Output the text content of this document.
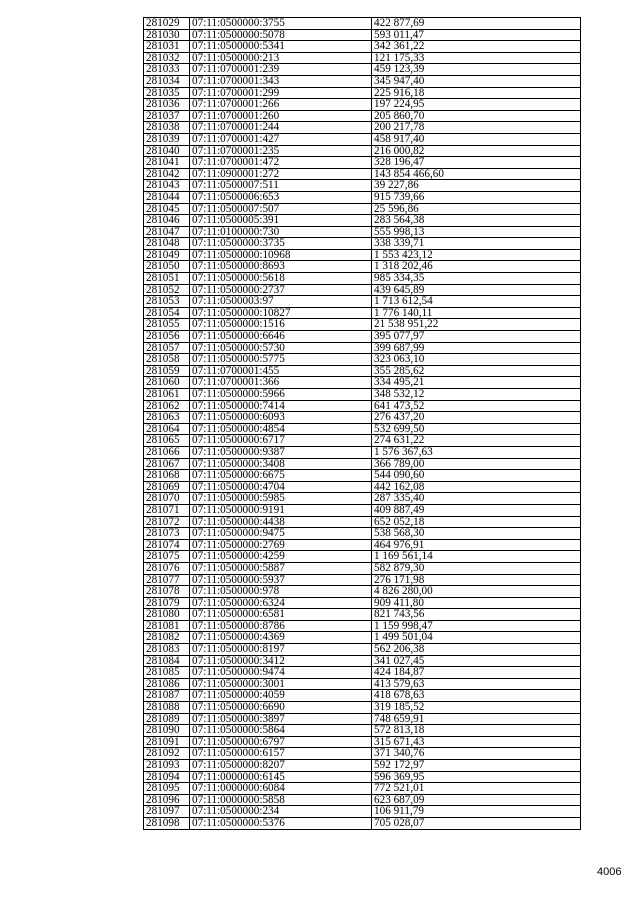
281029	07:11:0500000:3755	422 877,69
281030	07:11:0500000:5078	593 011,47
281031	07:11:0500000:5341	342 361,22
281032	07:11:0500000:213	121 175,33
281033	07:11:0700001:239	459 123,39
281034	07:11:0700001:343	345 947,40
281035	07:11:0700001:299	225 916,18
281036	07:11:0700001:266	197 224,95
281037	07:11:0700001:260	205 860,70
281038	07:11:0700001:244	200 217,78
281039	07:11:0700001:427	458 917,40
281040	07:11:0700001:235	216 000,82
281041	07:11:0700001:472	328 196,47
281042	07:11:0900001:272	143 854 466,60
281043	07:11:0500007:511	39 227,86
281044	07:11:0500006:653	915 739,66
281045	07:11:0500007:507	25 596,86
281046	07:11:0500005:391	283 564,38
281047	07:11:0100000:730	555 998,13
281048	07:11:0500000:3735	338 339,71
281049	07:11:0500000:10968	1 553 423,12
281050	07:11:0500000:8693	1 318 202,46
281051	07:11:0500000:5618	985 334,35
281052	07:11:0500000:2737	439 645,89
281053	07:11:0500003:97	1 713 612,54
281054	07:11:0500000:10827	1 776 140,11
281055	07:11:0500000:1516	21 538 951,22
281056	07:11:0500000:6646	395 077,97
281057	07:11:0500000:5730	399 687,99
281058	07:11:0500000:5775	323 063,10
281059	07:11:0700001:455	355 285,62
281060	07:11:0700001:366	334 495,21
281061	07:11:0500000:5966	348 532,12
281062	07:11:0500000:7414	641 473,52
281063	07:11:0500000:6093	276 437,20
281064	07:11:0500000:4854	532 699,50
281065	07:11:0500000:6717	274 631,22
281066	07:11:0500000:9387	1 576 367,63
281067	07:11:0500000:3408	366 789,00
281068	07:11:0500000:6675	544 090,60
281069	07:11:0500000:4704	442 162,08
281070	07:11:0500000:5985	287 335,40
281071	07:11:0500000:9191	409 887,49
281072	07:11:0500000:4438	652 052,18
281073	07:11:0500000:9475	538 568,30
281074	07:11:0500000:2769	464 976,91
281075	07:11:0500000:4259	1 169 561,14
281076	07:11:0500000:5887	582 879,30
281077	07:11:0500000:5937	276 171,98
281078	07:11:0500000:978	4 826 280,00
281079	07:11:0500000:6324	909 411,80
281080	07:11:0500000:6581	821 743,56
281081	07:11:0500000:8786	1 159 998,47
281082	07:11:0500000:4369	1 499 501,04
281083	07:11:0500000:8197	562 206,38
281084	07:11:0500000:3412	341 027,45
281085	07:11:0500000:9474	424 184,87
281086	07:11:0500000:3001	413 579,63
281087	07:11:0500000:4059	418 678,63
281088	07:11:0500000:6690	319 185,52
281089	07:11:0500000:3897	748 659,91
281090	07:11:0500000:5864	572 813,18
281091	07:11:0500000:6797	315 671,43
281092	07:11:0500000:6157	371 340,76
281093	07:11:0500000:8207	592 172,97
281094	07:11:0000000:6145	596 369,95
281095	07:11:0000000:6084	772 521,01
281096	07:11:0000000:5858	623 687,09
281097	07:11:0500000:234	106 911,79
281098	07:11:0500000:5376	705 028,07
4006
